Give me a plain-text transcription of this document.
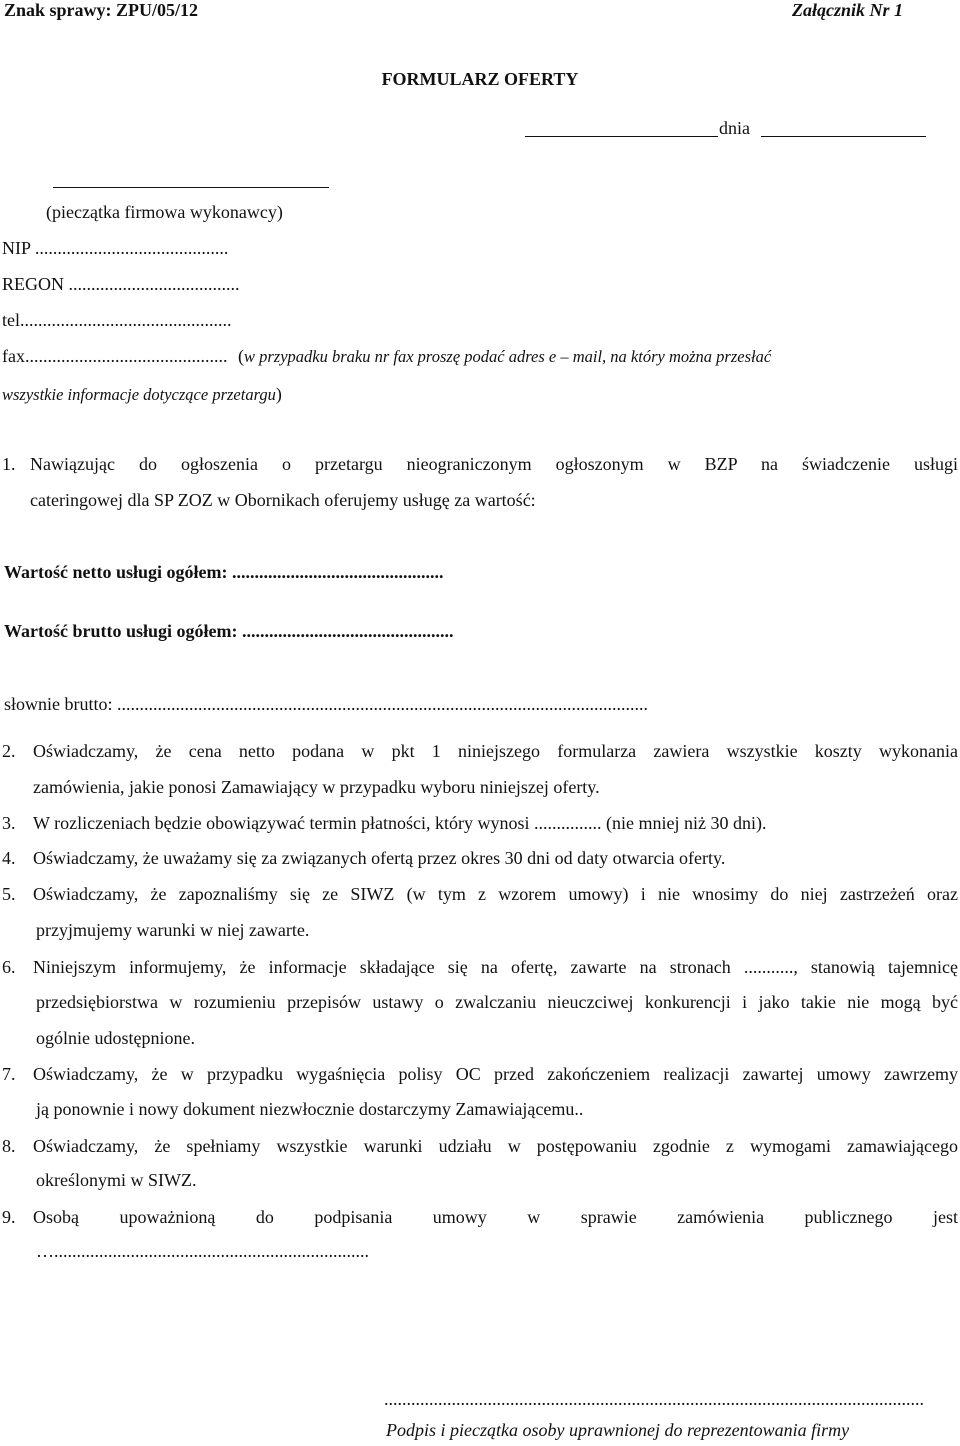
Znak sprawy: ZPU/05/12	Załącznik Nr 1
FORMULARZ OFERTY
dnia
(pieczątka firmowa wykonawcy)
NIP ...........................................
REGON ......................................
tel...............................................
fax............................................. (w przypadku braku nr fax proszę podać adres e – mail, na który można przesłać
wszystkie informacje dotyczące przetargu)
1. Nawiązując do ogłoszenia o przetargu nieograniczonym ogłoszonym w BZP na świadczenie usługi
cateringowej dla SP ZOZ w Obornikach oferujemy usługę za wartość:
Wartość netto usługi ogółem: ...............................................
Wartość brutto usługi ogółem: ...............................................
słownie brutto: ......................................................................................................................
2. Oświadczamy, że cena netto podana w pkt 1 niniejszego formularza zawiera wszystkie koszty wykonania
zamówienia, jakie ponosi Zamawiający w przypadku wyboru niniejszej oferty.
3. W rozliczeniach będzie obowiązywać termin płatności, który wynosi ............... (nie mniej niż 30 dni).
4. Oświadczamy, że uważamy się za związanych ofertą przez okres 30 dni od daty otwarcia oferty.
5. Oświadczamy, że zapoznaliśmy się ze SIWZ (w tym z wzorem umowy) i nie wnosimy do niej zastrzeżeń oraz
przyjmujemy warunki w niej zawarte.
6. Niniejszym informujemy, że informacje składające się na ofertę, zawarte na stronach ..........., stanowią tajemnicę
przedsiębiorstwa w rozumieniu przepisów ustawy o zwalczaniu nieuczciwej konkurencji i jako takie nie mogą być
ogólnie udostępnione.
7. Oświadczamy, że w przypadku wygaśnięcia polisy OC przed zakończeniem realizacji zawartej umowy zawrzemy
ją ponownie i nowy dokument niezwłocznie dostarczymy Zamawiającemu..
8. Oświadczamy, że spełniamy wszystkie warunki udziału w postępowaniu zgodnie z wymogami zamawiającego
określonymi w SIWZ.
9. Osobą upoważnioną do podpisania umowy w sprawie zamówienia publicznego jest
…......................................................................
........................................................................................................................
Podpis i pieczątka osoby uprawnionej do reprezentowania firmy
